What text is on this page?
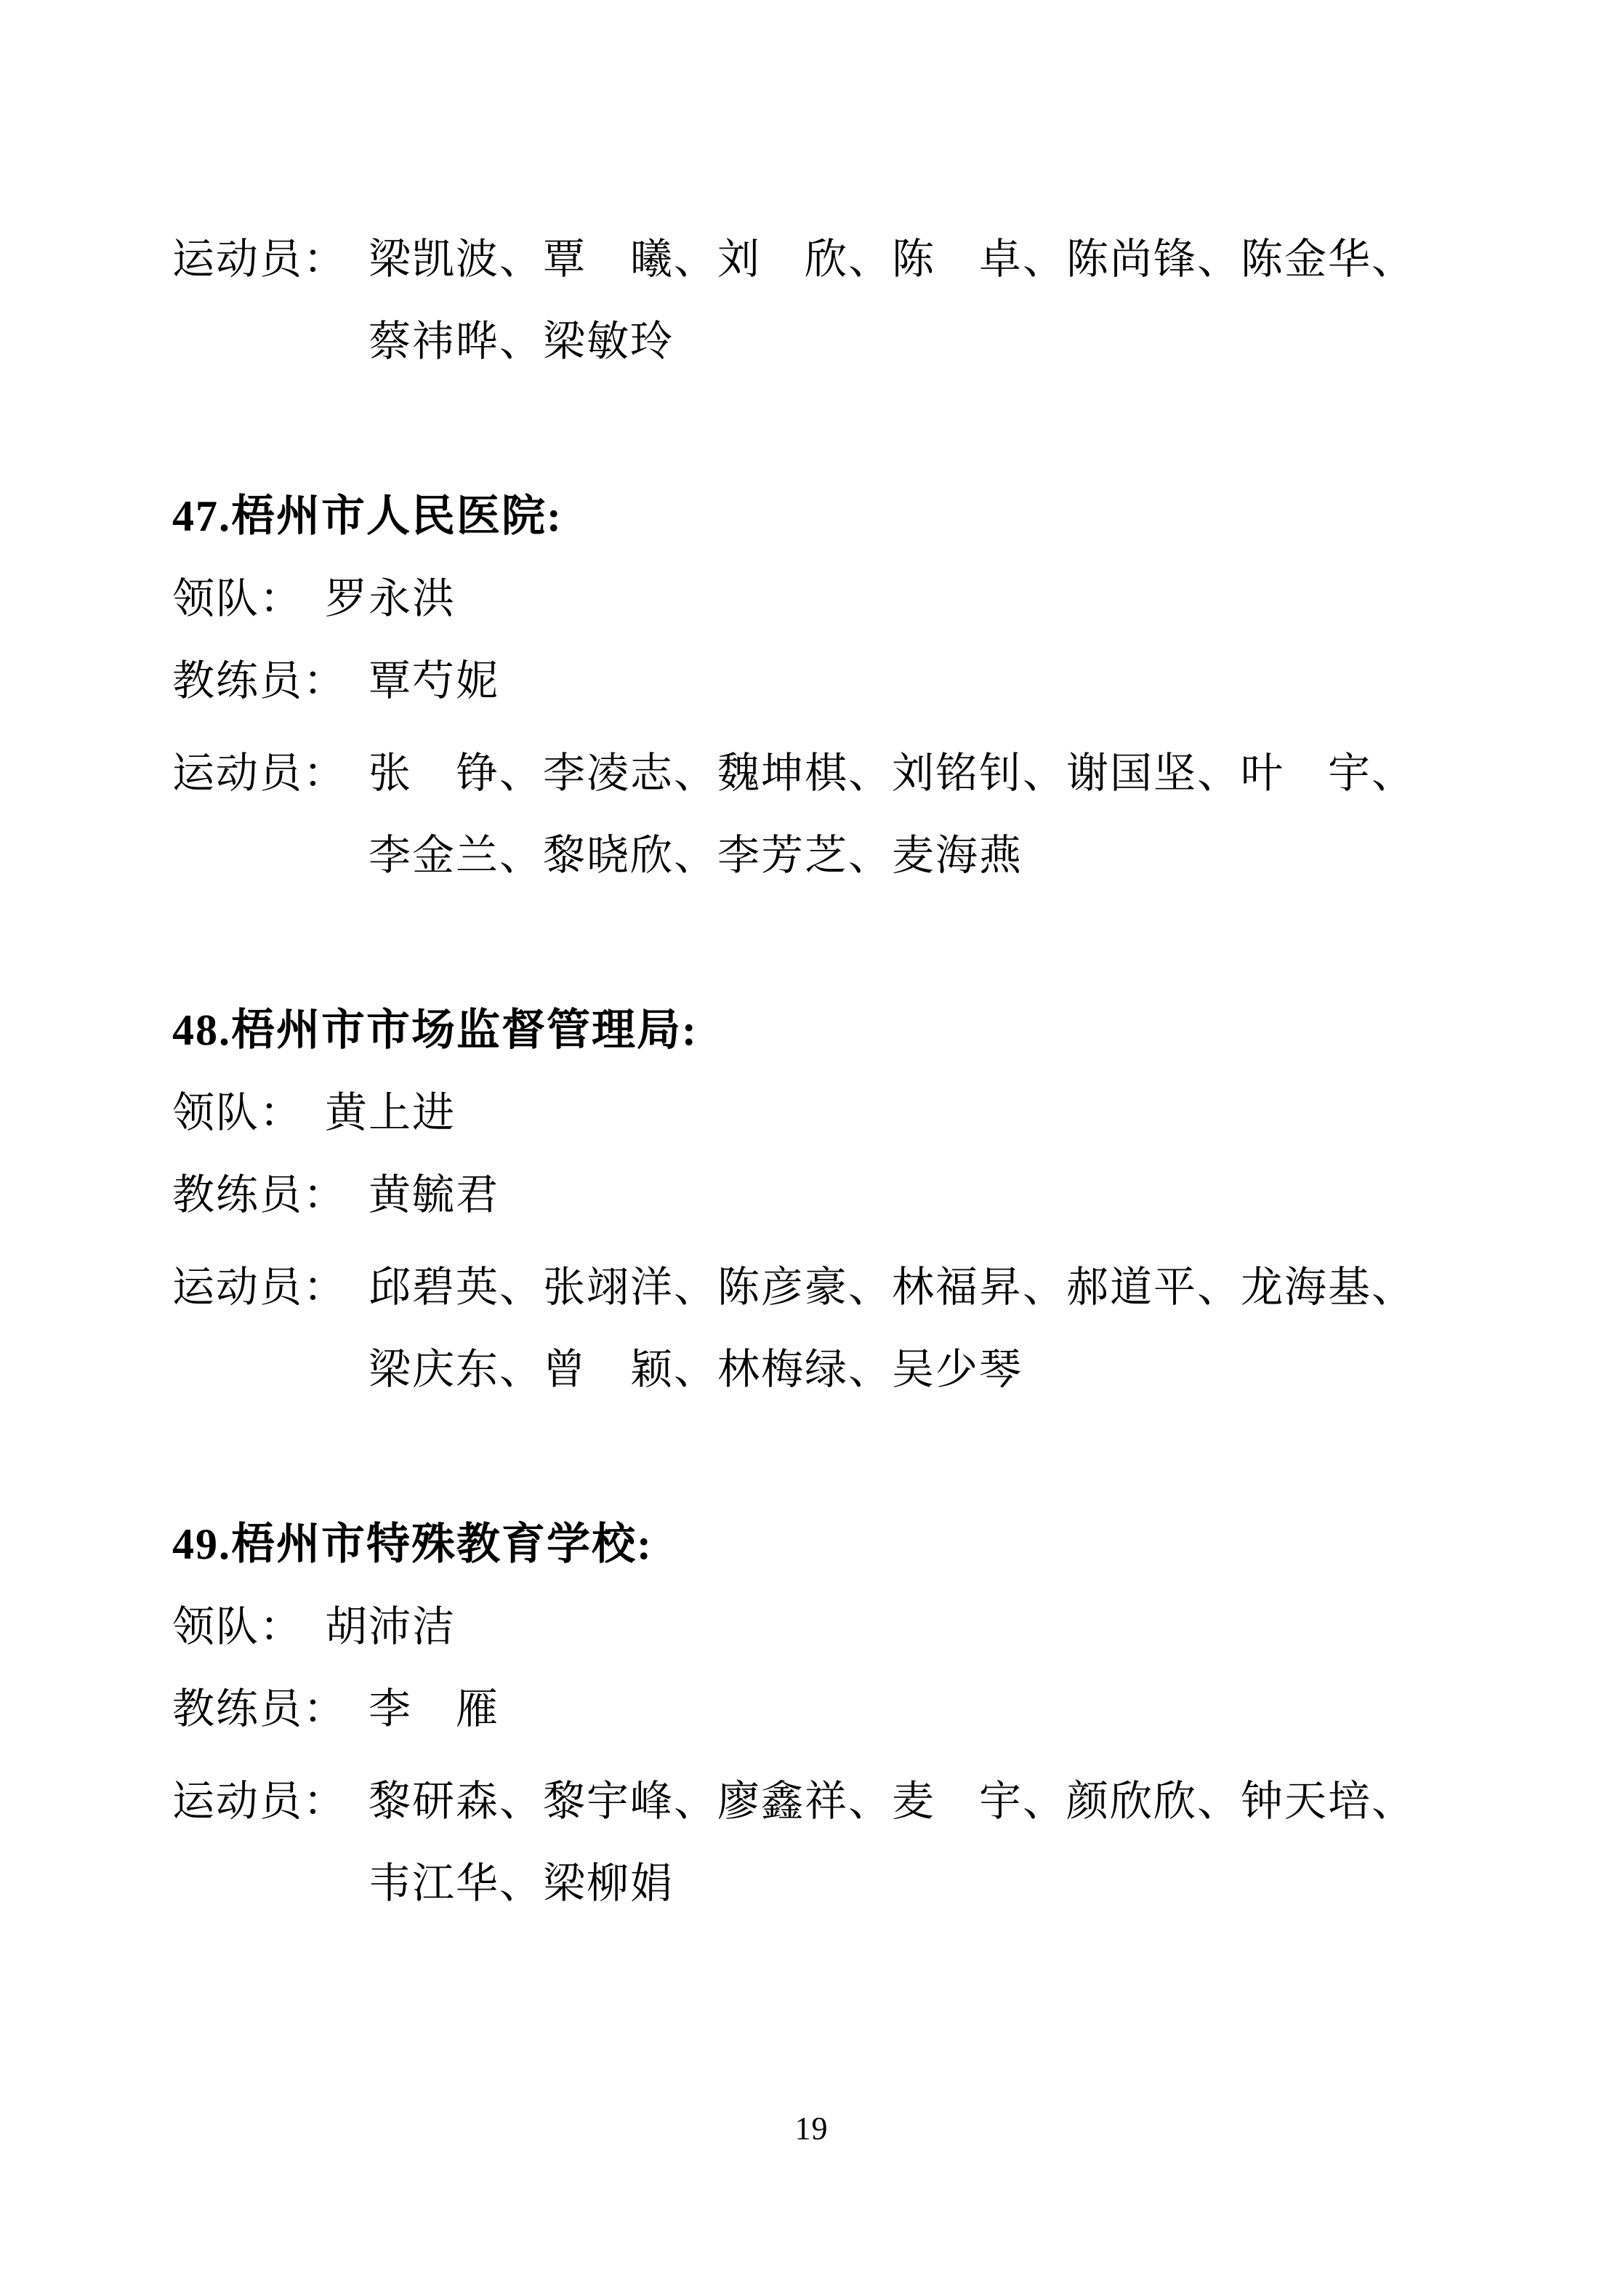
运动员： 梁凯波、覃　曦、刘　欣、陈　卓、陈尚锋、陈金华、
蔡祎晔、梁敏玲
47.梧州市人民医院:
领队： 罗永洪
教练员： 覃芍妮
运动员： 张　铮、李凌志、魏坤棋、刘铭钊、谢国坚、叶　宇、
李金兰、黎晓欣、李芳芝、麦海燕
48.梧州市市场监督管理局:
领队： 黄上进
教练员： 黄毓君
运动员： 邱碧英、张翊洋、陈彦豪、林福昇、郝道平、龙海基、
梁庆东、曾　颖、林梅绿、吴少琴
49.梧州市特殊教育学校:
领队： 胡沛洁
教练员： 李　雁
运动员： 黎研森、黎宇峰、廖鑫祥、麦　宇、颜欣欣、钟天培、
韦江华、梁柳娟
19
